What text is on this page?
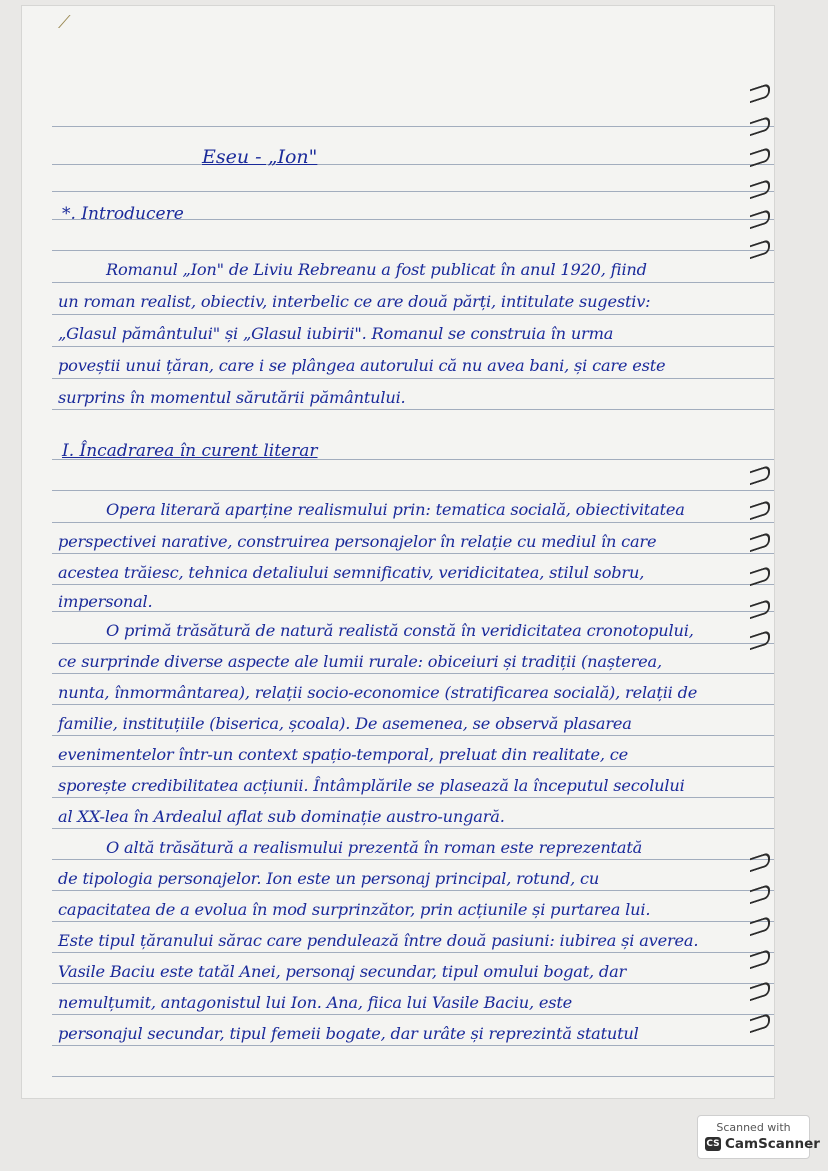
⟋
Eseu - „Ion"
*. Introducere
Romanul „Ion" de Liviu Rebreanu a fost publicat în anul 1920, fiind
un roman realist, obiectiv, interbelic ce are două părți, intitulate sugestiv:
„Glasul pământului" și „Glasul iubirii". Romanul se construia în urma
poveștii unui țăran, care i se plângea autorului că nu avea bani, și care este
surprins în momentul sărutării pământului.
I. Încadrarea în curent literar
Opera literară aparține realismului prin: tematica socială, obiectivitatea
perspectivei narative, construirea personajelor în relație cu mediul în care
acestea trăiesc, tehnica detaliului semnificativ, veridicitatea, stilul sobru,
impersonal.
O primă trăsătură de natură realistă constă în veridicitatea cronotopului,
ce surprinde diverse aspecte ale lumii rurale: obiceiuri și tradiții (nașterea,
nunta, înmormântarea), relații socio-economice (stratificarea socială), relații de
familie, instituțiile (biserica, școala). De asemenea, se observă plasarea
evenimentelor într-un context spațio-temporal, preluat din realitate, ce
sporește credibilitatea acțiunii. Întâmplările se plasează la începutul secolului
al XX-lea în Ardealul aflat sub dominație austro-ungară.
O altă trăsătură a realismului prezentă în roman este reprezentată
de tipologia personajelor. Ion este un personaj principal, rotund, cu
capacitatea de a evolua în mod surprinzător, prin acțiunile și purtarea lui.
Este tipul țăranului sărac care pendulează între două pasiuni: iubirea și averea.
Vasile Baciu este tatăl Anei, personaj secundar, tipul omului bogat, dar
nemulțumit, antagonistul lui Ion. Ana, fiica lui Vasile Baciu, este
personajul secundar, tipul femeii bogate, dar urâte și reprezintă statutul
Scanned with
CS CamScanner
